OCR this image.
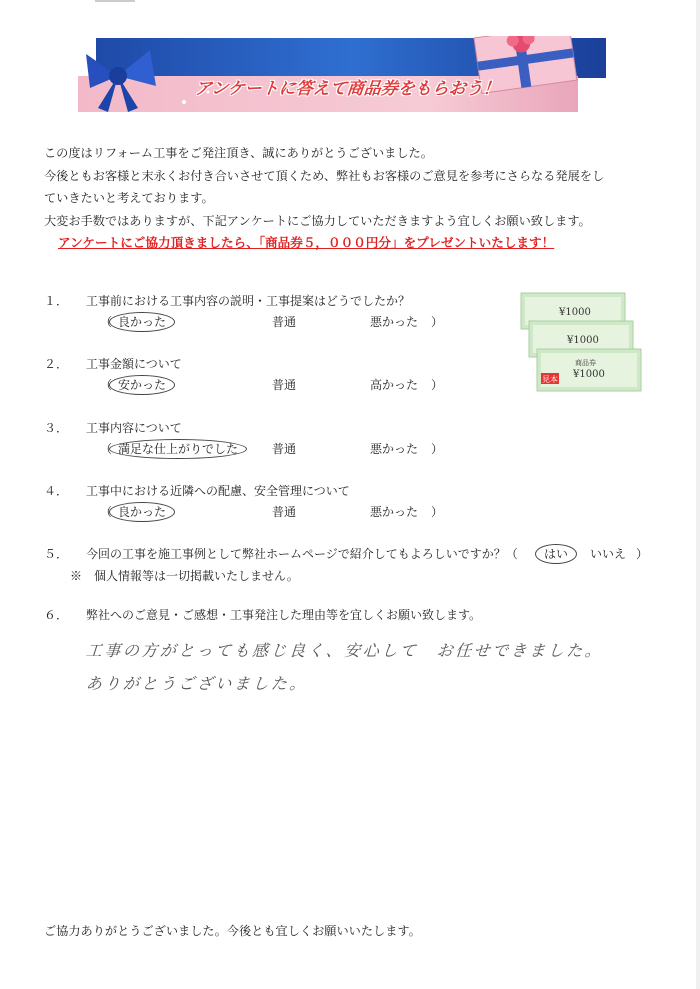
アンケートに答えて商品券をもらおう！

この度はリフォーム工事をご発注頂き、誠にありがとうございました。

今後ともお客様と末永くお付き合いさせて頂くため、弊社もお客様のご意見を参考にさらなる発展をし

ていきたいと考えております。

大変お手数ではありますが、下記アンケートにご協力していただきますよう宜しくお願い致します。

アンケートにご協力頂きましたら、「商品券５，０００円分」をプレゼントいたします！

¥1000
¥1000
商品券
¥1000
見本
１．	工事前における工事内容の説明・工事提案はどうでしたか？
（ 良かった	普通	悪かった ）
２．	工事金額について
（ 安かった	普通	高かった ）
３．	工事内容について
（ 満足な仕上がりでした	普通	悪かった ）
４．	工事中における近隣への配慮、安全管理について
（ 良かった	普通	悪かった ）
５．	今回の工事を施工事例として弊社ホームページで紹介してもよろしいですか？（ はい	いいえ ）
※　個人情報等は一切掲載いたしません。
６．	弊社へのご意見・ご感想・工事発注した理由等を宜しくお願い致します。
工事の方がとっても感じ良く、安心して　お任せできました。
ありがとうございました。
ご協力ありがとうございました。今後とも宜しくお願いいたします。
